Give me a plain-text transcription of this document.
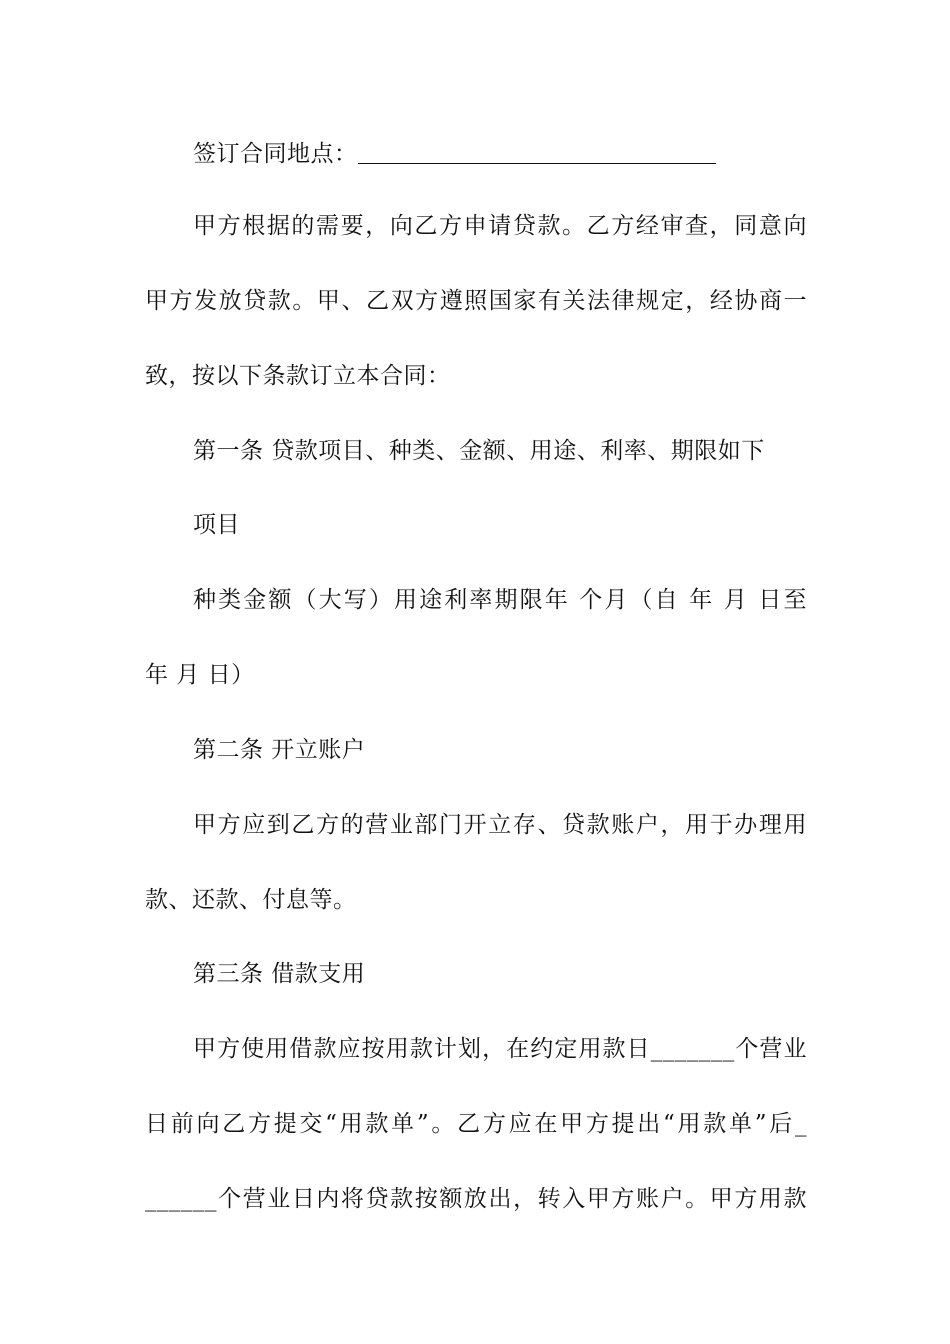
签订合同地点：
甲方根据的需要，向乙方申请贷款。乙方经审查，同意向
甲方发放贷款。甲、乙双方遵照国家有关法律规定，经协商一
致，按以下条款订立本合同：
第一条 贷款项目、种类、金额、用途、利率、期限如下
项目
种类金额（大写）用途利率期限年 个月（自 年 月 日至
年 月 日）
第二条 开立账户
甲方应到乙方的营业部门开立存、贷款账户，用于办理用
款、还款、付息等。
第三条 借款支用
甲方使用借款应按用款计划，在约定用款日_______个营业
日前向乙方提交“用款单”。乙方应在甲方提出“用款单”后_
______个营业日内将贷款按额放出，转入甲方账户。甲方用款
